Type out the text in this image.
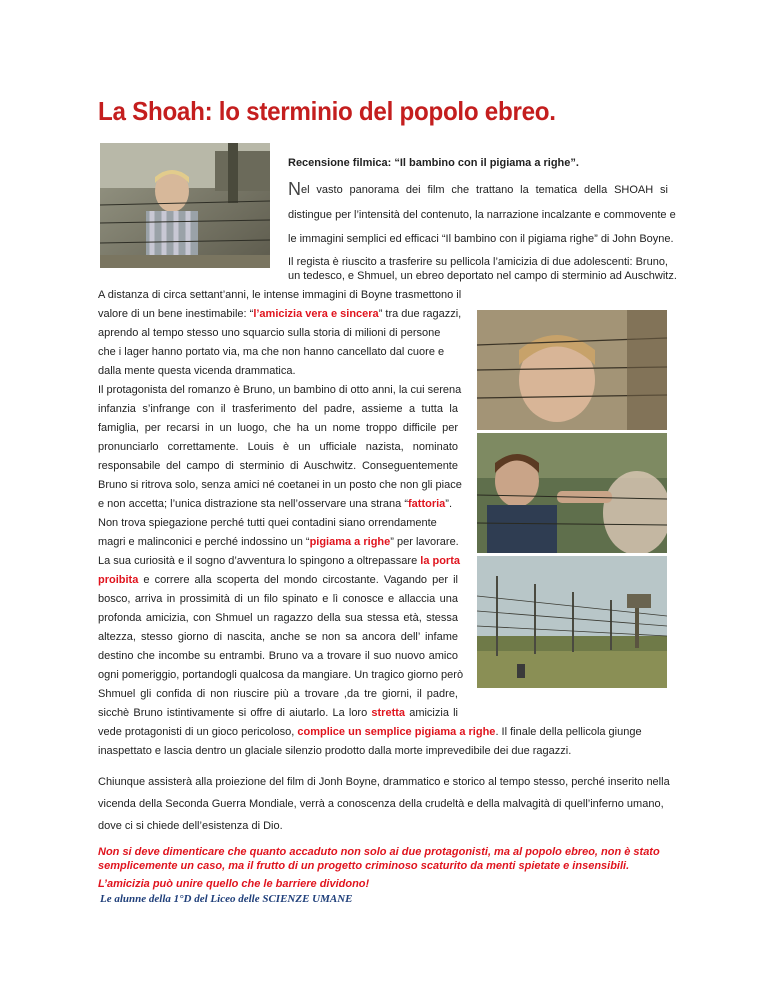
La Shoah: lo sterminio del popolo ebreo.
Recensione filmica: “Il bambino con il pigiama a righe”.
Nel vasto panorama dei film che trattano la tematica della SHOAH si
distingue per l’intensità del contenuto, la narrazione incalzante e commovente e
le immagini semplici ed efficaci “Il bambino con il pigiama righe” di John Boyne.
Il regista è riuscito a trasferire su pellicola l’amicizia di due adolescenti: Bruno,
un tedesco, e Shmuel, un ebreo deportato nel campo di sterminio ad Auschwitz.
A distanza di circa settant’anni, le intense immagini di Boyne trasmettono il
valore di un bene inestimabile: “l’amicizia vera e sincera” tra due ragazzi,
aprendo al tempo stesso uno squarcio sulla storia di milioni di persone
che i lager hanno portato via, ma che non hanno cancellato dal cuore e
dalla mente questa vicenda drammatica.
Il protagonista del romanzo è Bruno, un bambino di otto anni, la cui serena
infanzia s’infrange con il trasferimento del padre, assieme a tutta la
famiglia, per recarsi in un luogo, che ha un nome troppo difficile per
pronunciarlo correttamente. Louis è un ufficiale nazista, nominato
responsabile del campo di sterminio di Auschwitz. Conseguentemente
Bruno si ritrova solo, senza amici né coetanei in un posto che non gli piace
e non accetta; l’unica distrazione sta nell’osservare una strana “fattoria”.
Non trova spiegazione perché tutti quei contadini siano orrendamente
magri e malinconici e perché indossino un “pigiama a righe” per lavorare.
La sua curiosità e il sogno d’avventura lo spingono a oltrepassare la porta
proibita e correre alla scoperta del mondo circostante. Vagando per il
bosco, arriva in prossimità di un filo spinato e lì conosce e allaccia una
profonda amicizia, con Shmuel un ragazzo della sua stessa età, stessa
altezza, stesso giorno di nascita, anche se non sa ancora dell’ infame
destino che incombe su entrambi. Bruno va a trovare il suo nuovo amico
ogni pomeriggio, portandogli qualcosa da mangiare. Un tragico giorno però
Shmuel gli confida di non riuscire più a trovare ,da tre giorni, il padre,
sicchè Bruno istintivamente si offre di aiutarlo. La loro stretta amicizia li
vede protagonisti di un gioco pericoloso, complice un semplice pigiama a righe. Il finale della pellicola giunge
inaspettato e lascia dentro un glaciale silenzio prodotto dalla morte imprevedibile dei due ragazzi.
Chiunque assisterà alla proiezione del film di Jonh Boyne, drammatico e storico al tempo stesso, perché inserito nella
vicenda della Seconda Guerra Mondiale, verrà a conoscenza della crudeltà e della malvagità di quell’inferno umano,
dove ci si chiede dell’esistenza di Dio.
Non si deve dimenticare che quanto accaduto non solo ai due protagonisti, ma al popolo ebreo, non è stato
semplicemente un caso, ma il frutto di un progetto criminoso scaturito da menti spietate e insensibili.
L’amicizia può unire quello che le barriere dividono!
Le alunne della 1°D del Liceo delle SCIENZE UMANE
